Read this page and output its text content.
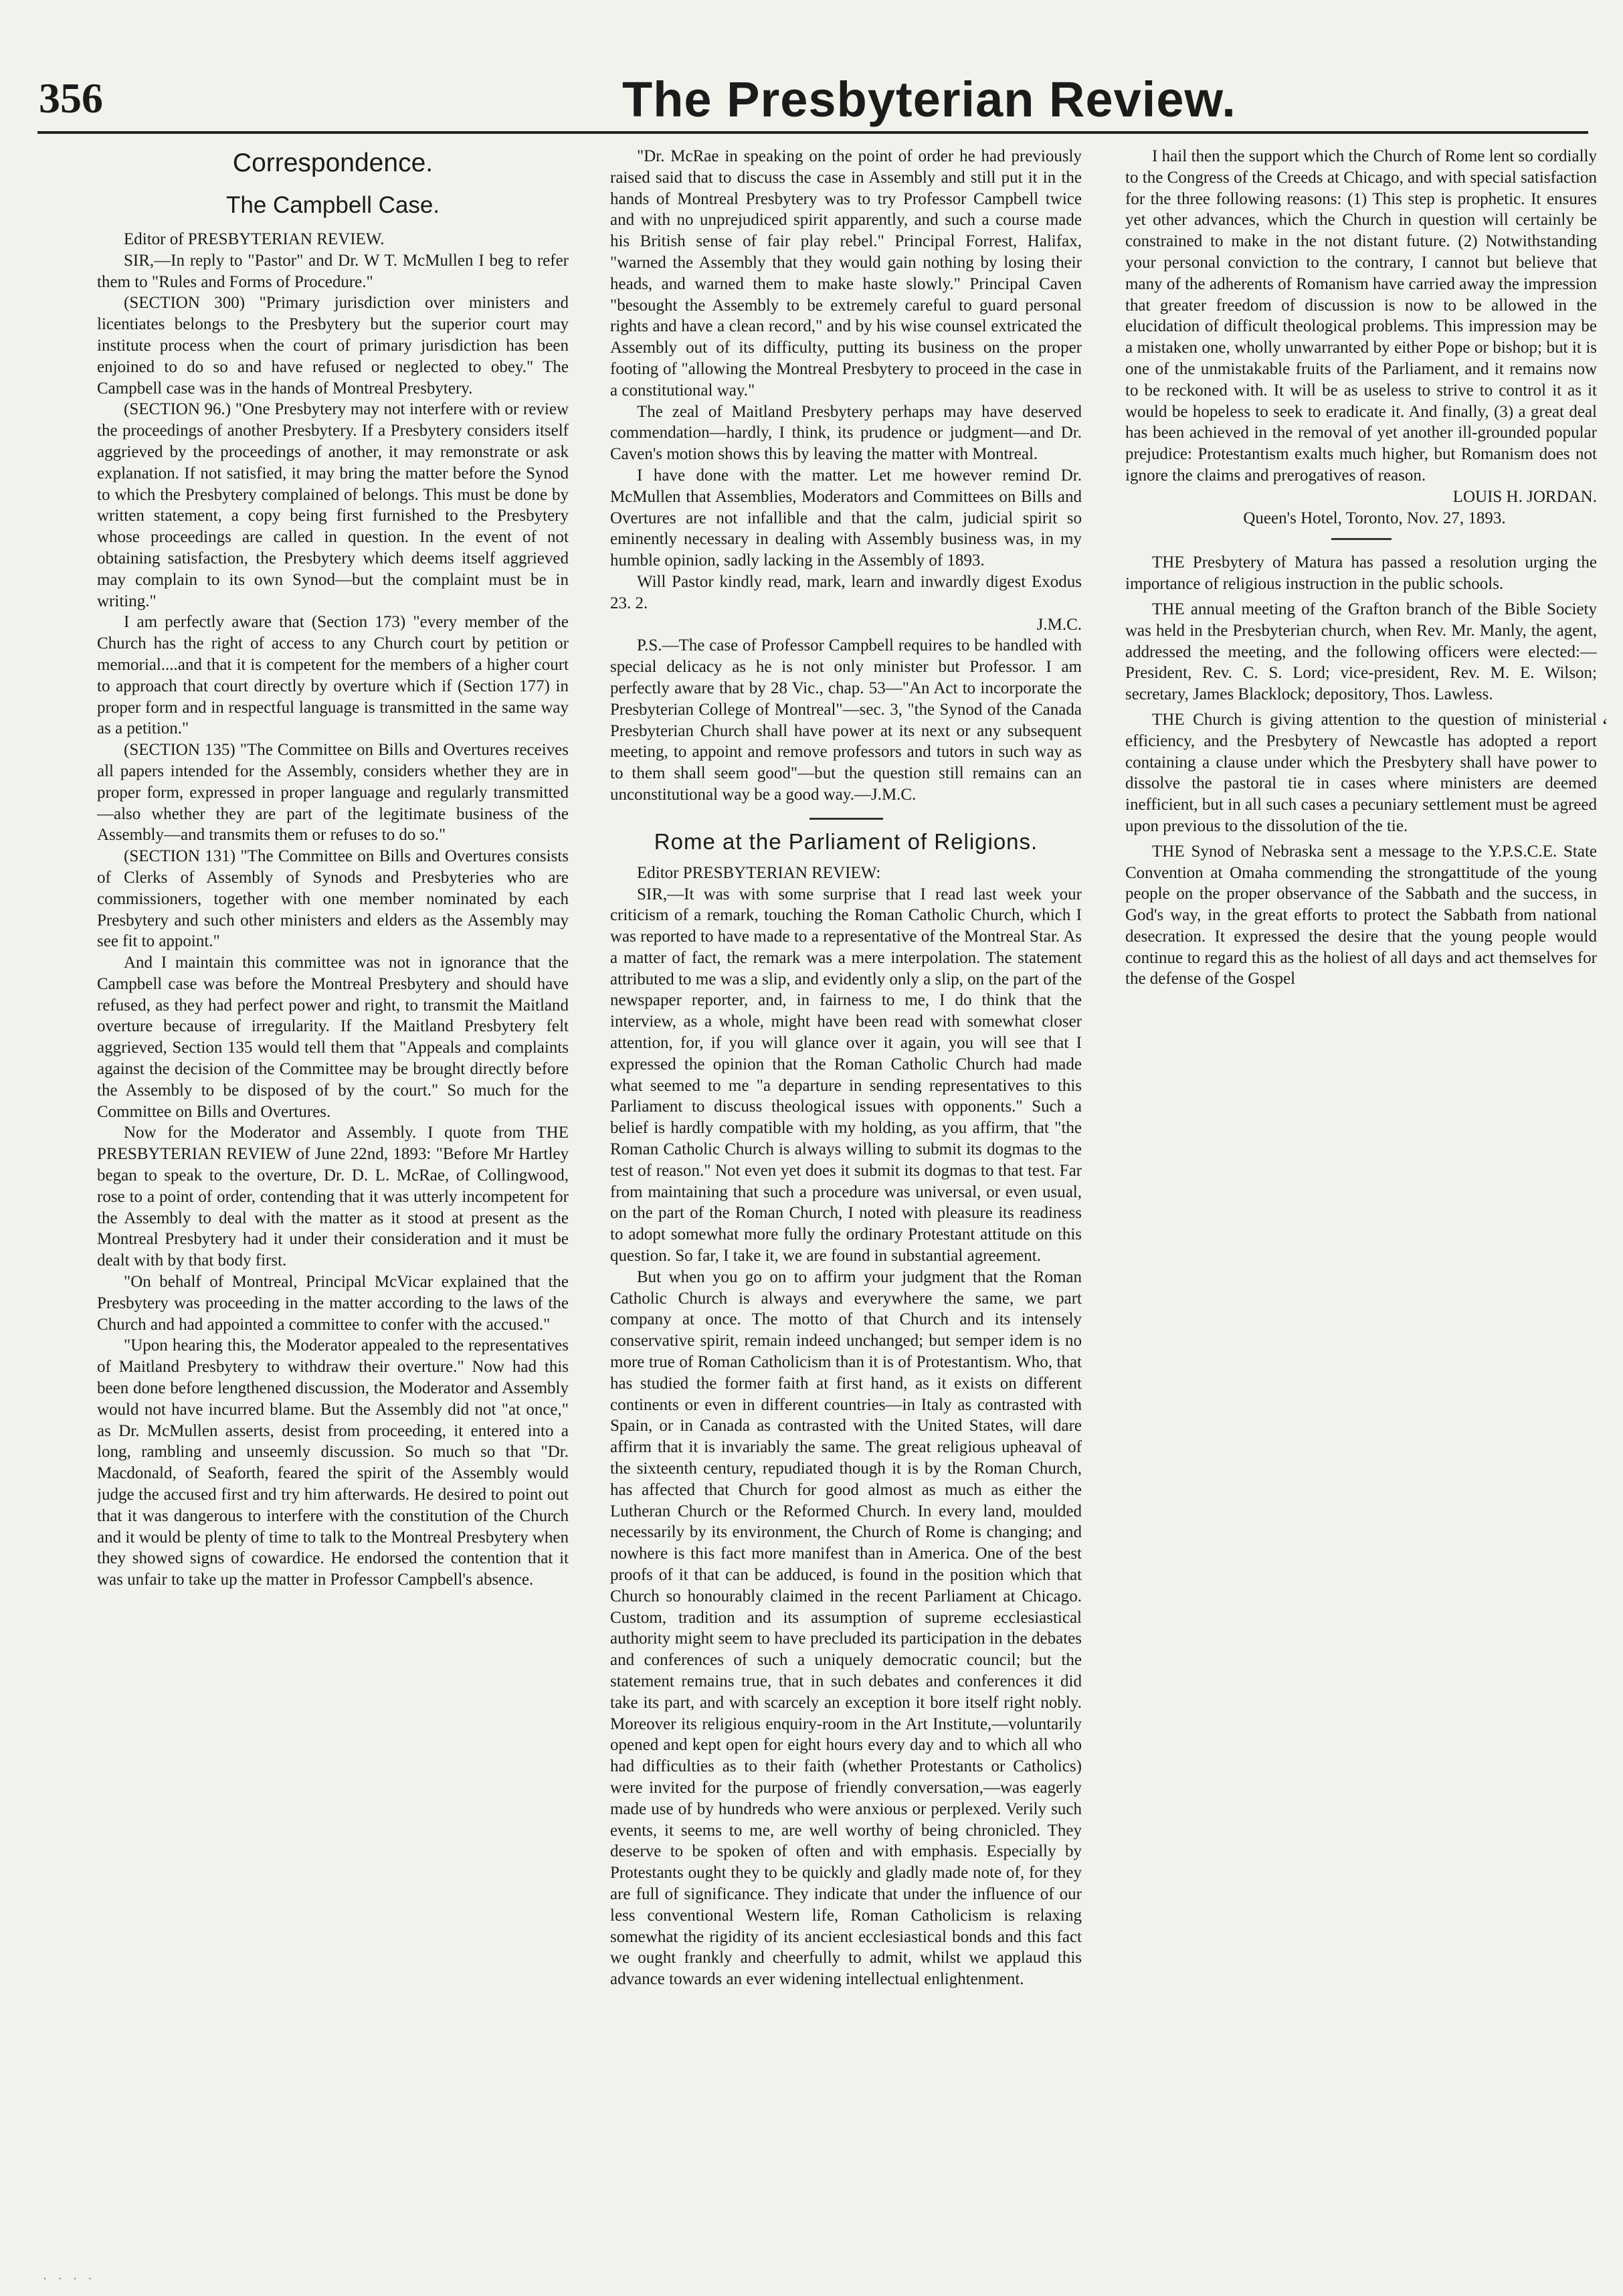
356	The Presbyterian Review.
Correspondence.
The Campbell Case.

Editor of PRESBYTERIAN REVIEW.

SIR,—In reply to "Pastor" and Dr. W T. McMullen I beg to refer them to "Rules and Forms of Procedure."

(SECTION 300) "Primary jurisdiction over ministers and licentiates belongs to the Presbytery but the superior court may institute process when the court of primary jurisdiction has been enjoined to do so and have refused or neglected to obey." The Campbell case was in the hands of Montreal Presbytery.

(SECTION 96.) "One Presbytery may not interfere with or review the proceedings of another Presbytery. If a Presbytery considers itself aggrieved by the proceedings of another, it may remonstrate or ask explanation. If not satisfied, it may bring the matter before the Synod to which the Presbytery complained of belongs. This must be done by written statement, a copy being first furnished to the Presbytery whose proceedings are called in question. In the event of not obtaining satisfaction, the Presbytery which deems itself aggrieved may complain to its own Synod—but the complaint must be in writing."

I am perfectly aware that (Section 173) "every member of the Church has the right of access to any Church court by petition or memorial....and that it is competent for the members of a higher court to approach that court directly by overture which if (Section 177) in proper form and in respectful language is transmitted in the same way as a petition."

(SECTION 135) "The Committee on Bills and Overtures receives all papers intended for the Assembly, considers whether they are in proper form, expressed in proper language and regularly transmitted—also whether they are part of the legitimate business of the Assembly—and transmits them or refuses to do so."

(SECTION 131) "The Committee on Bills and Overtures consists of Clerks of Assembly of Synods and Presbyteries who are commissioners, together with one member nominated by each Presbytery and such other ministers and elders as the Assembly may see fit to appoint."

And I maintain this committee was not in ignorance that the Campbell case was before the Montreal Presbytery and should have refused, as they had perfect power and right, to transmit the Maitland overture because of irregularity. If the Maitland Presbytery felt aggrieved, Section 135 would tell them that "Appeals and complaints against the decision of the Committee may be brought directly before the Assembly to be disposed of by the court." So much for the Committee on Bills and Overtures.

Now for the Moderator and Assembly. I quote from THE PRESBYTERIAN REVIEW of June 22nd, 1893: "Before Mr Hartley began to speak to the overture, Dr. D. L. McRae, of Collingwood, rose to a point of order, contending that it was utterly incompetent for the Assembly to deal with the matter as it stood at present as the Montreal Presbytery had it under their consideration and it must be dealt with by that body first.

"On behalf of Montreal, Principal McVicar explained that the Presbytery was proceeding in the matter according to the laws of the Church and had appointed a committee to confer with the accused."

"Upon hearing this, the Moderator appealed to the representatives of Maitland Presbytery to withdraw their overture." Now had this been done before lengthened discussion, the Moderator and Assembly would not have incurred blame. But the Assembly did not "at once," as Dr. McMullen asserts, desist from proceeding, it entered into a long, rambling and unseemly discussion. So much so that "Dr. Macdonald, of Seaforth, feared the spirit of the Assembly would judge the accused first and try him afterwards. He desired to point out that it was dangerous to interfere with the constitution of the Church and it would be plenty of time to talk to the Montreal Presbytery when they showed signs of cowardice. He endorsed the contention that it was unfair to take up the matter in Professor Campbell's absence.

"Dr. McRae in speaking on the point of order he had previously raised said that to discuss the case in Assembly and still put it in the hands of Montreal Presbytery was to try Professor Campbell twice and with no unprejudiced spirit apparently, and such a course made his British sense of fair play rebel." Principal Forrest, Halifax, "warned the Assembly that they would gain nothing by losing their heads, and warned them to make haste slowly." Principal Caven "besought the Assembly to be extremely careful to guard personal rights and have a clean record," and by his wise counsel extricated the Assembly out of its difficulty, putting its business on the proper footing of "allowing the Montreal Presbytery to proceed in the case in a constitutional way."

The zeal of Maitland Presbytery perhaps may have deserved commendation—hardly, I think, its prudence or judgment—and Dr. Caven's motion shows this by leaving the matter with Montreal.

I have done with the matter. Let me however remind Dr. McMullen that Assemblies, Moderators and Committees on Bills and Overtures are not infallible and that the calm, judicial spirit so eminently necessary in dealing with Assembly business was, in my humble opinion, sadly lacking in the Assembly of 1893.

Will Pastor kindly read, mark, learn and inwardly digest Exodus 23. 2.

J.M.C.

P.S.—The case of Professor Campbell requires to be handled with special delicacy as he is not only minister but Professor. I am perfectly aware that by 28 Vic., chap. 53—"An Act to incorporate the Presbyterian College of Montreal"—sec. 3, "the Synod of the Canada Presbyterian Church shall have power at its next or any subsequent meeting, to appoint and remove professors and tutors in such way as to them shall seem good"—but the question still remains can an unconstitutional way be a good way.—J.M.C.

Rome at the Parliament of Religions.

Editor PRESBYTERIAN REVIEW:

SIR,—It was with some surprise that I read last week your criticism of a remark, touching the Roman Catholic Church, which I was reported to have made to a representative of the Montreal Star. As a matter of fact, the remark was a mere interpolation. The statement attributed to me was a slip, and evidently only a slip, on the part of the newspaper reporter, and, in fairness to me, I do think that the interview, as a whole, might have been read with somewhat closer attention, for, if you will glance over it again, you will see that I expressed the opinion that the Roman Catholic Church had made what seemed to me "a departure in sending representatives to this Parliament to discuss theological issues with opponents." Such a belief is hardly compatible with my holding, as you affirm, that "the Roman Catholic Church is always willing to submit its dogmas to the test of reason." Not even yet does it submit its dogmas to that test. Far from maintaining that such a procedure was universal, or even usual, on the part of the Roman Church, I noted with pleasure its readiness to adopt somewhat more fully the ordinary Protestant attitude on this question. So far, I take it, we are found in substantial agreement.

But when you go on to affirm your judgment that the Roman Catholic Church is always and everywhere the same, we part company at once. The motto of that Church and its intensely conservative spirit, remain indeed unchanged; but semper idem is no more true of Roman Catholicism than it is of Protestantism. Who, that has studied the former faith at first hand, as it exists on different continents or even in different countries—in Italy as contrasted with Spain, or in Canada as contrasted with the United States, will dare affirm that it is invariably the same. The great religious upheaval of the sixteenth century, repudiated though it is by the Roman Church, has affected that Church for good almost as much as either the Lutheran Church or the Reformed Church. In every land, moulded necessarily by its environment, the Church of Rome is changing; and nowhere is this fact more manifest than in America. One of the best proofs of it that can be adduced, is found in the position which that Church so honourably claimed in the recent Parliament at Chicago. Custom, tradition and its assumption of supreme ecclesiastical authority might seem to have precluded its participation in the debates and conferences of such a uniquely democratic council; but the statement remains true, that in such debates and conferences it did take its part, and with scarcely an exception it bore itself right nobly. Moreover its religious enquiry-room in the Art Institute,—voluntarily opened and kept open for eight hours every day and to which all who had difficulties as to their faith (whether Protestants or Catholics) were invited for the purpose of friendly conversation,—was eagerly made use of by hundreds who were anxious or perplexed. Verily such events, it seems to me, are well worthy of being chronicled. They deserve to be spoken of often and with emphasis. Especially by Protestants ought they to be quickly and gladly made note of, for they are full of significance. They indicate that under the influence of our less conventional Western life, Roman Catholicism is relaxing somewhat the rigidity of its ancient ecclesiastical bonds and this fact we ought frankly and cheerfully to admit, whilst we applaud this advance towards an ever widening intellectual enlightenment.

I hail then the support which the Church of Rome lent so cordially to the Congress of the Creeds at Chicago, and with special satisfaction for the three following reasons: (1) This step is prophetic. It ensures yet other advances, which the Church in question will certainly be constrained to make in the not distant future. (2) Notwithstanding your personal conviction to the contrary, I cannot but believe that many of the adherents of Romanism have carried away the impression that greater freedom of discussion is now to be allowed in the elucidation of difficult theological problems. This impression may be a mistaken one, wholly unwarranted by either Pope or bishop; but it is one of the unmistakable fruits of the Parliament, and it remains now to be reckoned with. It will be as useless to strive to control it as it would be hopeless to seek to eradicate it. And finally, (3) a great deal has been achieved in the removal of yet another ill-grounded popular prejudice: Protestantism exalts much higher, but Romanism does not ignore the claims and prerogatives of reason.

LOUIS H. JORDAN.

Queen's Hotel, Toronto, Nov. 27, 1893.

THE Presbytery of Matura has passed a resolution urging the importance of religious instruction in the public schools.

THE annual meeting of the Grafton branch of the Bible Society was held in the Presbyterian church, when Rev. Mr. Manly, the agent, addressed the meeting, and the following officers were elected:—President, Rev. C. S. Lord; vice-president, Rev. M. E. Wilson; secretary, James Blacklock; depository, Thos. Lawless.

THE Church is giving attention to the question of ministerial efficiency, and the Presbytery of Newcastle has adopted a report containing a clause under which the Presbytery shall have power to dissolve the pastoral tie in cases where ministers are deemed inefficient, but in all such cases a pecuniary settlement must be agreed upon previous to the dissolution of the tie.

THE Synod of Nebraska sent a message to the Y.P.S.C.E. State Convention at Omaha commending the strongattitude of the young people on the proper observance of the Sabbath and the success, in God's way, in the great efforts to protect the Sabbath from national desecration. It expressed the desire that the young people would continue to regard this as the holiest of all days and act themselves for the defense of the Gospel

‘
· · · ·
